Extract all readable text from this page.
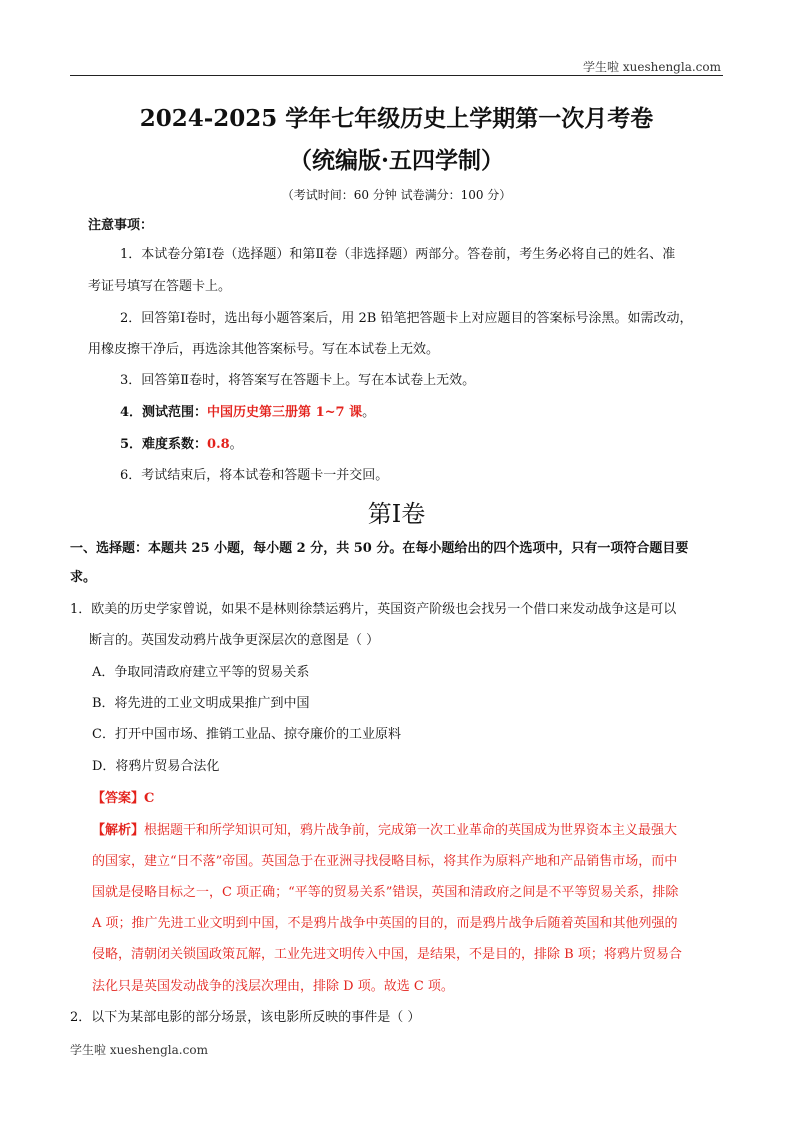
学生啦 xueshengla.com
2024-2025 学年七年级历史上学期第一次月考卷
（统编版·五四学制）
（考试时间：60 分钟 试卷满分：100 分）
注意事项：
1．本试卷分第Ⅰ卷（选择题）和第Ⅱ卷（非选择题）两部分。答卷前，考生务必将自己的姓名、准
考证号填写在答题卡上。
2．回答第Ⅰ卷时，选出每小题答案后，用 2B 铅笔把答题卡上对应题目的答案标号涂黑。如需改动，
用橡皮擦干净后，再选涂其他答案标号。写在本试卷上无效。
3．回答第Ⅱ卷时，将答案写在答题卡上。写在本试卷上无效。
4．测试范围：中国历史第三册第 1~7 课。
5．难度系数：0.8。
6．考试结束后，将本试卷和答题卡一并交回。
第Ⅰ卷
一、选择题：本题共 25 小题，每小题 2 分，共 50 分。在每小题给出的四个选项中，只有一项符合题目要
求。
1．欧美的历史学家曾说，如果不是林则徐禁运鸦片，英国资产阶级也会找另一个借口来发动战争这是可以
断言的。英国发动鸦片战争更深层次的意图是（ ）
A．争取同清政府建立平等的贸易关系
B．将先进的工业文明成果推广到中国
C．打开中国市场、推销工业品、掠夺廉价的工业原料
D．将鸦片贸易合法化
【答案】C
【解析】根据题干和所学知识可知，鸦片战争前，完成第一次工业革命的英国成为世界资本主义最强大
的国家，建立“日不落”帝国。英国急于在亚洲寻找侵略目标，将其作为原料产地和产品销售市场，而中
国就是侵略目标之一，C 项正确；“平等的贸易关系”错误，英国和清政府之间是不平等贸易关系，排除
A 项；推广先进工业文明到中国，不是鸦片战争中英国的目的，而是鸦片战争后随着英国和其他列强的
侵略，清朝闭关锁国政策瓦解，工业先进文明传入中国，是结果，不是目的，排除 B 项；将鸦片贸易合
法化只是英国发动战争的浅层次理由，排除 D 项。故选 C 项。
2．以下为某部电影的部分场景，该电影所反映的事件是（ ）
学生啦 xueshengla.com
